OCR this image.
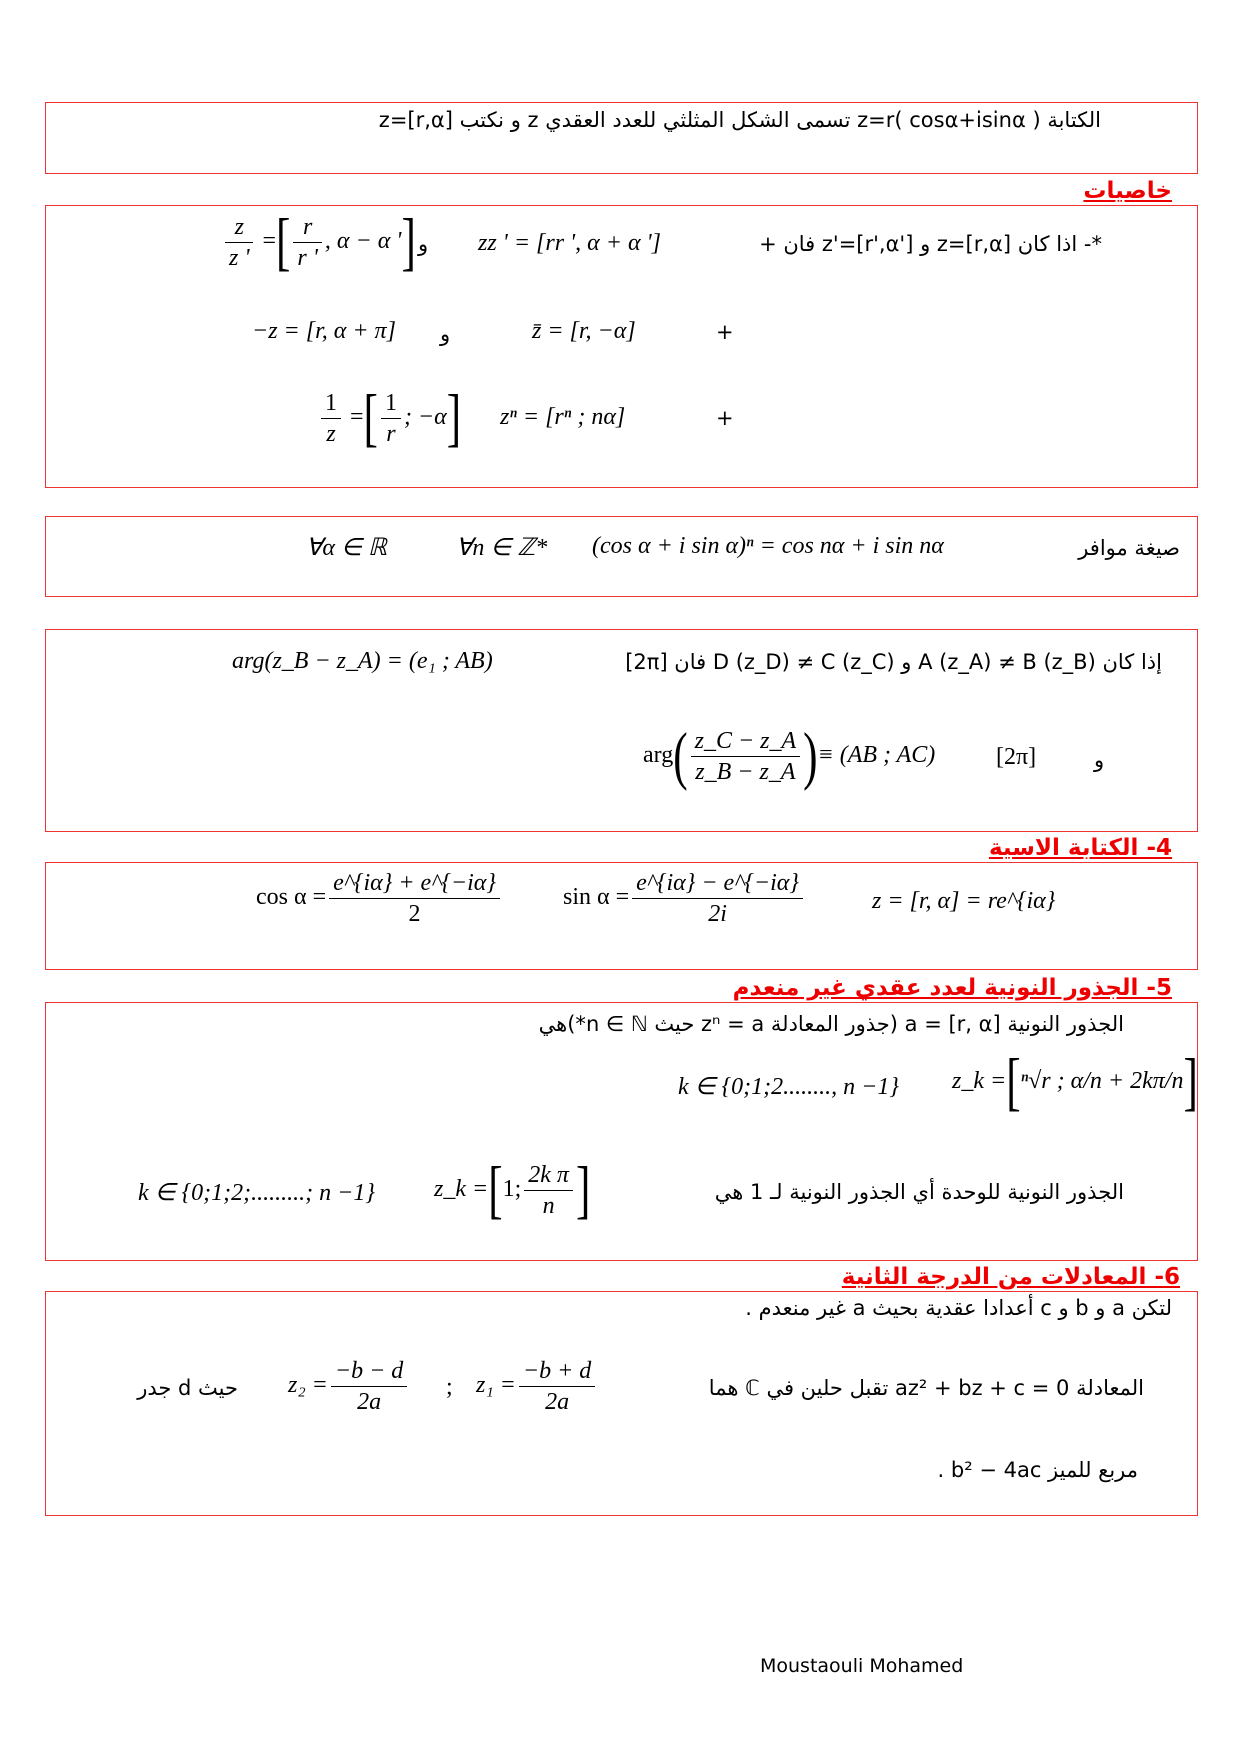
الكتابة ( z=r( cosα+isinα تسمى الشكل المثلثي للعدد العقدي z و نكتب z=[r,α]
خاصيات
*- اذا كان z=[r,α] و z'=[r',α'] فان +
zz ' = [rr ', α + α ']
و
$\frac{z}{z '}$ =[ $\frac{r}{r '}$ , α − α ']
+
z̄ = [r, −α]
و
−z = [r, α + π]
+
zⁿ = [rⁿ ; nα]
$\frac{1}{z}$ =[ $\frac{1}{r}$ ; −α]
صيغة موافر
(cos α + i sin α)ⁿ = cos nα + i sin nα
∀n ∈ ℤ*
∀α ∈ ℝ
إذا كان A (z_A) ≠ B (z_B) و D (z_D) ≠ C (z_C) فان [2π]
arg(z_B − z_A) = (e₁ ; AB)
و
[2π]
$arg( \frac{z\_C - z\_A}{z\_B - z\_A}$ )≡ (AB ; AC)
4- الكتابة الاسية
z = [r, α] = re^{iα}
$\sin \alpha = \frac{e\^{}\{i\alpha\} - e\^{}\{-i\alpha\}}{2i}$
$\cos \alpha = \frac{e\^{}\{i\alpha\} + e\^{}\{-i\alpha\}}{2}$
5- الجذور النونية لعدد عقدي غير منعدم
الجذور النونية a = [r, α] (جذور المعادلة zⁿ = a حيث n ∈ ℕ*)هي
z_k =[ⁿ√r ; α/n + 2kπ/n]
k ∈ {0;1;2........, n −1}
الجذور النونية للوحدة أي الجذور النونية لـ 1 هي
z_k =[1; $\frac{\text{2k π}}{n}$ ]
k ∈ {0;1;2;.........; n −1}
6- المعادلات من الدرجة الثانية
لتكن a و b و c أعدادا عقدية بحيث a غير منعدم .
المعادلة az² + bz + c = 0 تقبل حلين في ℂ هما
$z_1 = \frac{-b + d}{2a}$
;
$z_2 = \frac{-b - d}{2a}$
حيث d جدر
مربع للميز b² − 4ac .
Moustaouli Mohamed
